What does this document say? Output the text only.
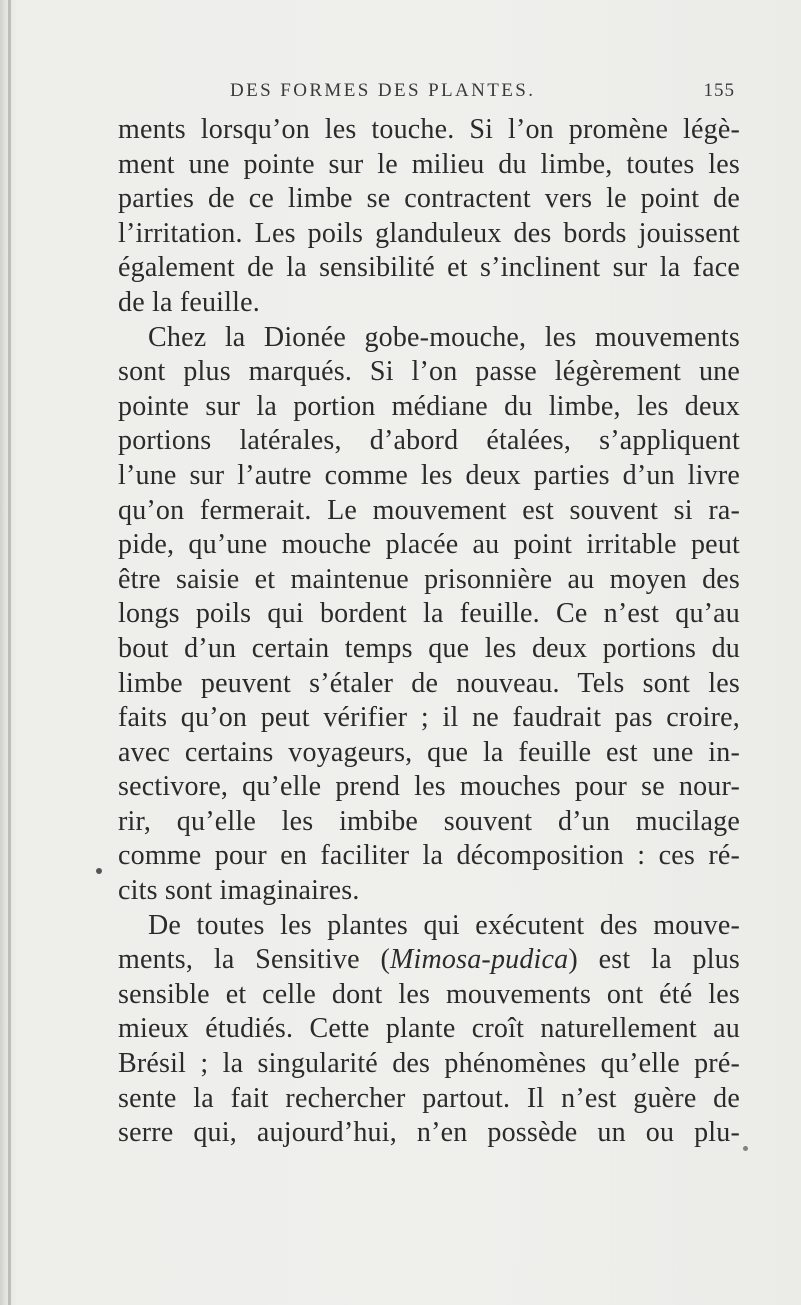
DES FORMES DES PLANTES.	155
ments lorsqu’on les touche. Si l’on promène légè-
ment une pointe sur le milieu du limbe, toutes les
parties de ce limbe se contractent vers le point de
l’irritation. Les poils glanduleux des bords jouissent
également de la sensibilité et s’inclinent sur la face
de la feuille.
Chez la Dionée gobe-mouche, les mouvements
sont plus marqués. Si l’on passe légèrement une
pointe sur la portion médiane du limbe, les deux
portions latérales, d’abord étalées, s’appliquent
l’une sur l’autre comme les deux parties d’un livre
qu’on fermerait. Le mouvement est souvent si ra-
pide, qu’une mouche placée au point irritable peut
être saisie et maintenue prisonnière au moyen des
longs poils qui bordent la feuille. Ce n’est qu’au
bout d’un certain temps que les deux portions du
limbe peuvent s’étaler de nouveau. Tels sont les
faits qu’on peut vérifier ; il ne faudrait pas croire,
avec certains voyageurs, que la feuille est une in-
sectivore, qu’elle prend les mouches pour se nour-
rir, qu’elle les imbibe souvent d’un mucilage
comme pour en faciliter la décomposition : ces ré-
cits sont imaginaires.
De toutes les plantes qui exécutent des mouve-
ments, la Sensitive (Mimosa-pudica) est la plus
sensible et celle dont les mouvements ont été les
mieux étudiés. Cette plante croît naturellement au
Brésil ; la singularité des phénomènes qu’elle pré-
sente la fait rechercher partout. Il n’est guère de
serre qui, aujourd’hui, n’en possède un ou plu-
